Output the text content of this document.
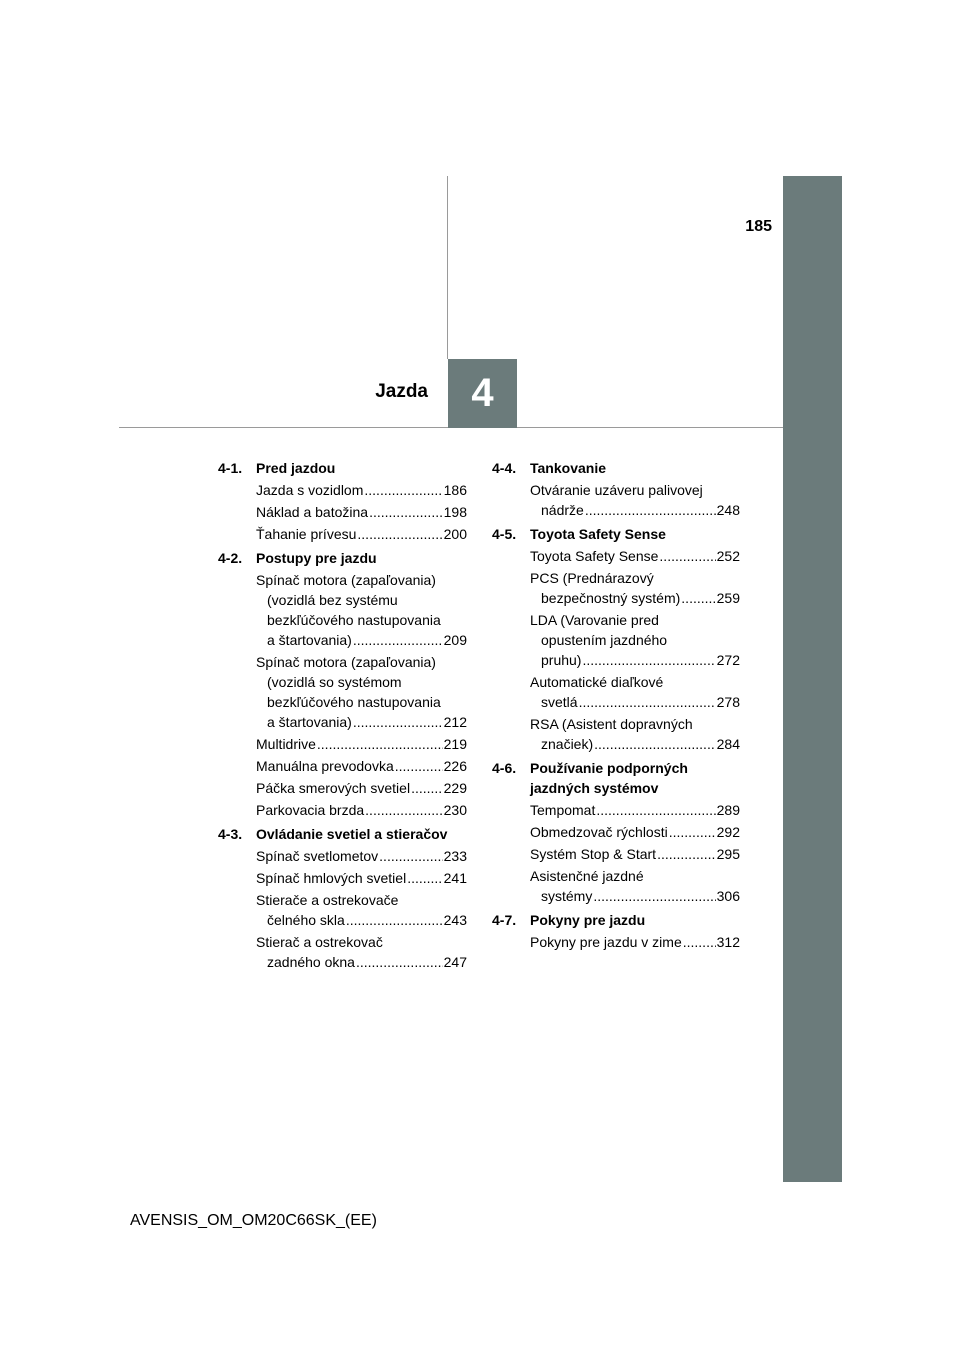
185
Jazda	4
4-1. Pred jazdou
Jazda s vozidlom .....	186
Náklad a batožina .....	198
Ťahanie prívesu .....	200
4-2. Postupy pre jazdu
Spínač motora (zapaľovania)
(vozidlá bez systému
bezkľúčového nastupovania
a štartovania) .....	209
Spínač motora (zapaľovania)
(vozidlá so systémom
bezkľúčového nastupovania
a štartovania) .....	212
Multidrive .....	219
Manuálna prevodovka .....	226
Páčka smerových svetiel ..... 229
Parkovacia brzda .....	230
4-3. Ovládanie svetiel a stieračov
Spínač svetlometov .....	233
Spínač hmlových svetiel .....	241
Stierače a ostrekovače
čelného skla .....	243
Stierač a ostrekovač
zadného okna .....	247
4-4. Tankovanie
Otváranie uzáveru palivovej
nádrže .....	248
4-5. Toyota Safety Sense
Toyota Safety Sense .....	252
PCS (Prednárazový
bezpečnostný systém) .....	259
LDA (Varovanie pred
opustením jazdného
pruhu) .....	272
Automatické diaľkové
svetlá .....	278
RSA (Asistent dopravných
značiek) .....	284
4-6. Používanie podporných jazdných systémov
Tempomat .....	289
Obmedzovač rýchlosti .....	292
Systém Stop & Start .....	295
Asistenčné jazdné
systémy .....	306
4-7. Pokyny pre jazdu
Pokyny pre jazdu v zime ..... 312
AVENSIS_OM_OM20C66SK_(EE)
